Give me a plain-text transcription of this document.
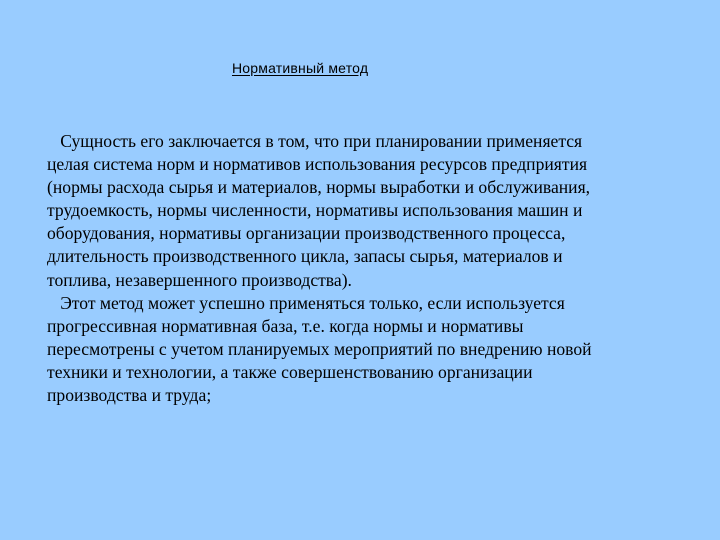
Нормативный метод
Сущность его заключается в том, что при планировании применяется
целая система норм и нормативов использования ресурсов предприятия
(нормы расхода сырья и материалов, нормы выработки и обслуживания,
трудоемкость, нормы численности, нормативы использования машин и
оборудования, нормативы организации производственного процесса,
длительность производственного цикла, запасы сырья, материалов и
топлива, незавершенного производства).
Этот метод может успешно применяться только, если используется
прогрессивная нормативная база, т.е. когда нормы и нормативы
пересмотрены с учетом планируемых мероприятий по внедрению новой
техники и технологии, а также совершенствованию организации
производства и труда;
